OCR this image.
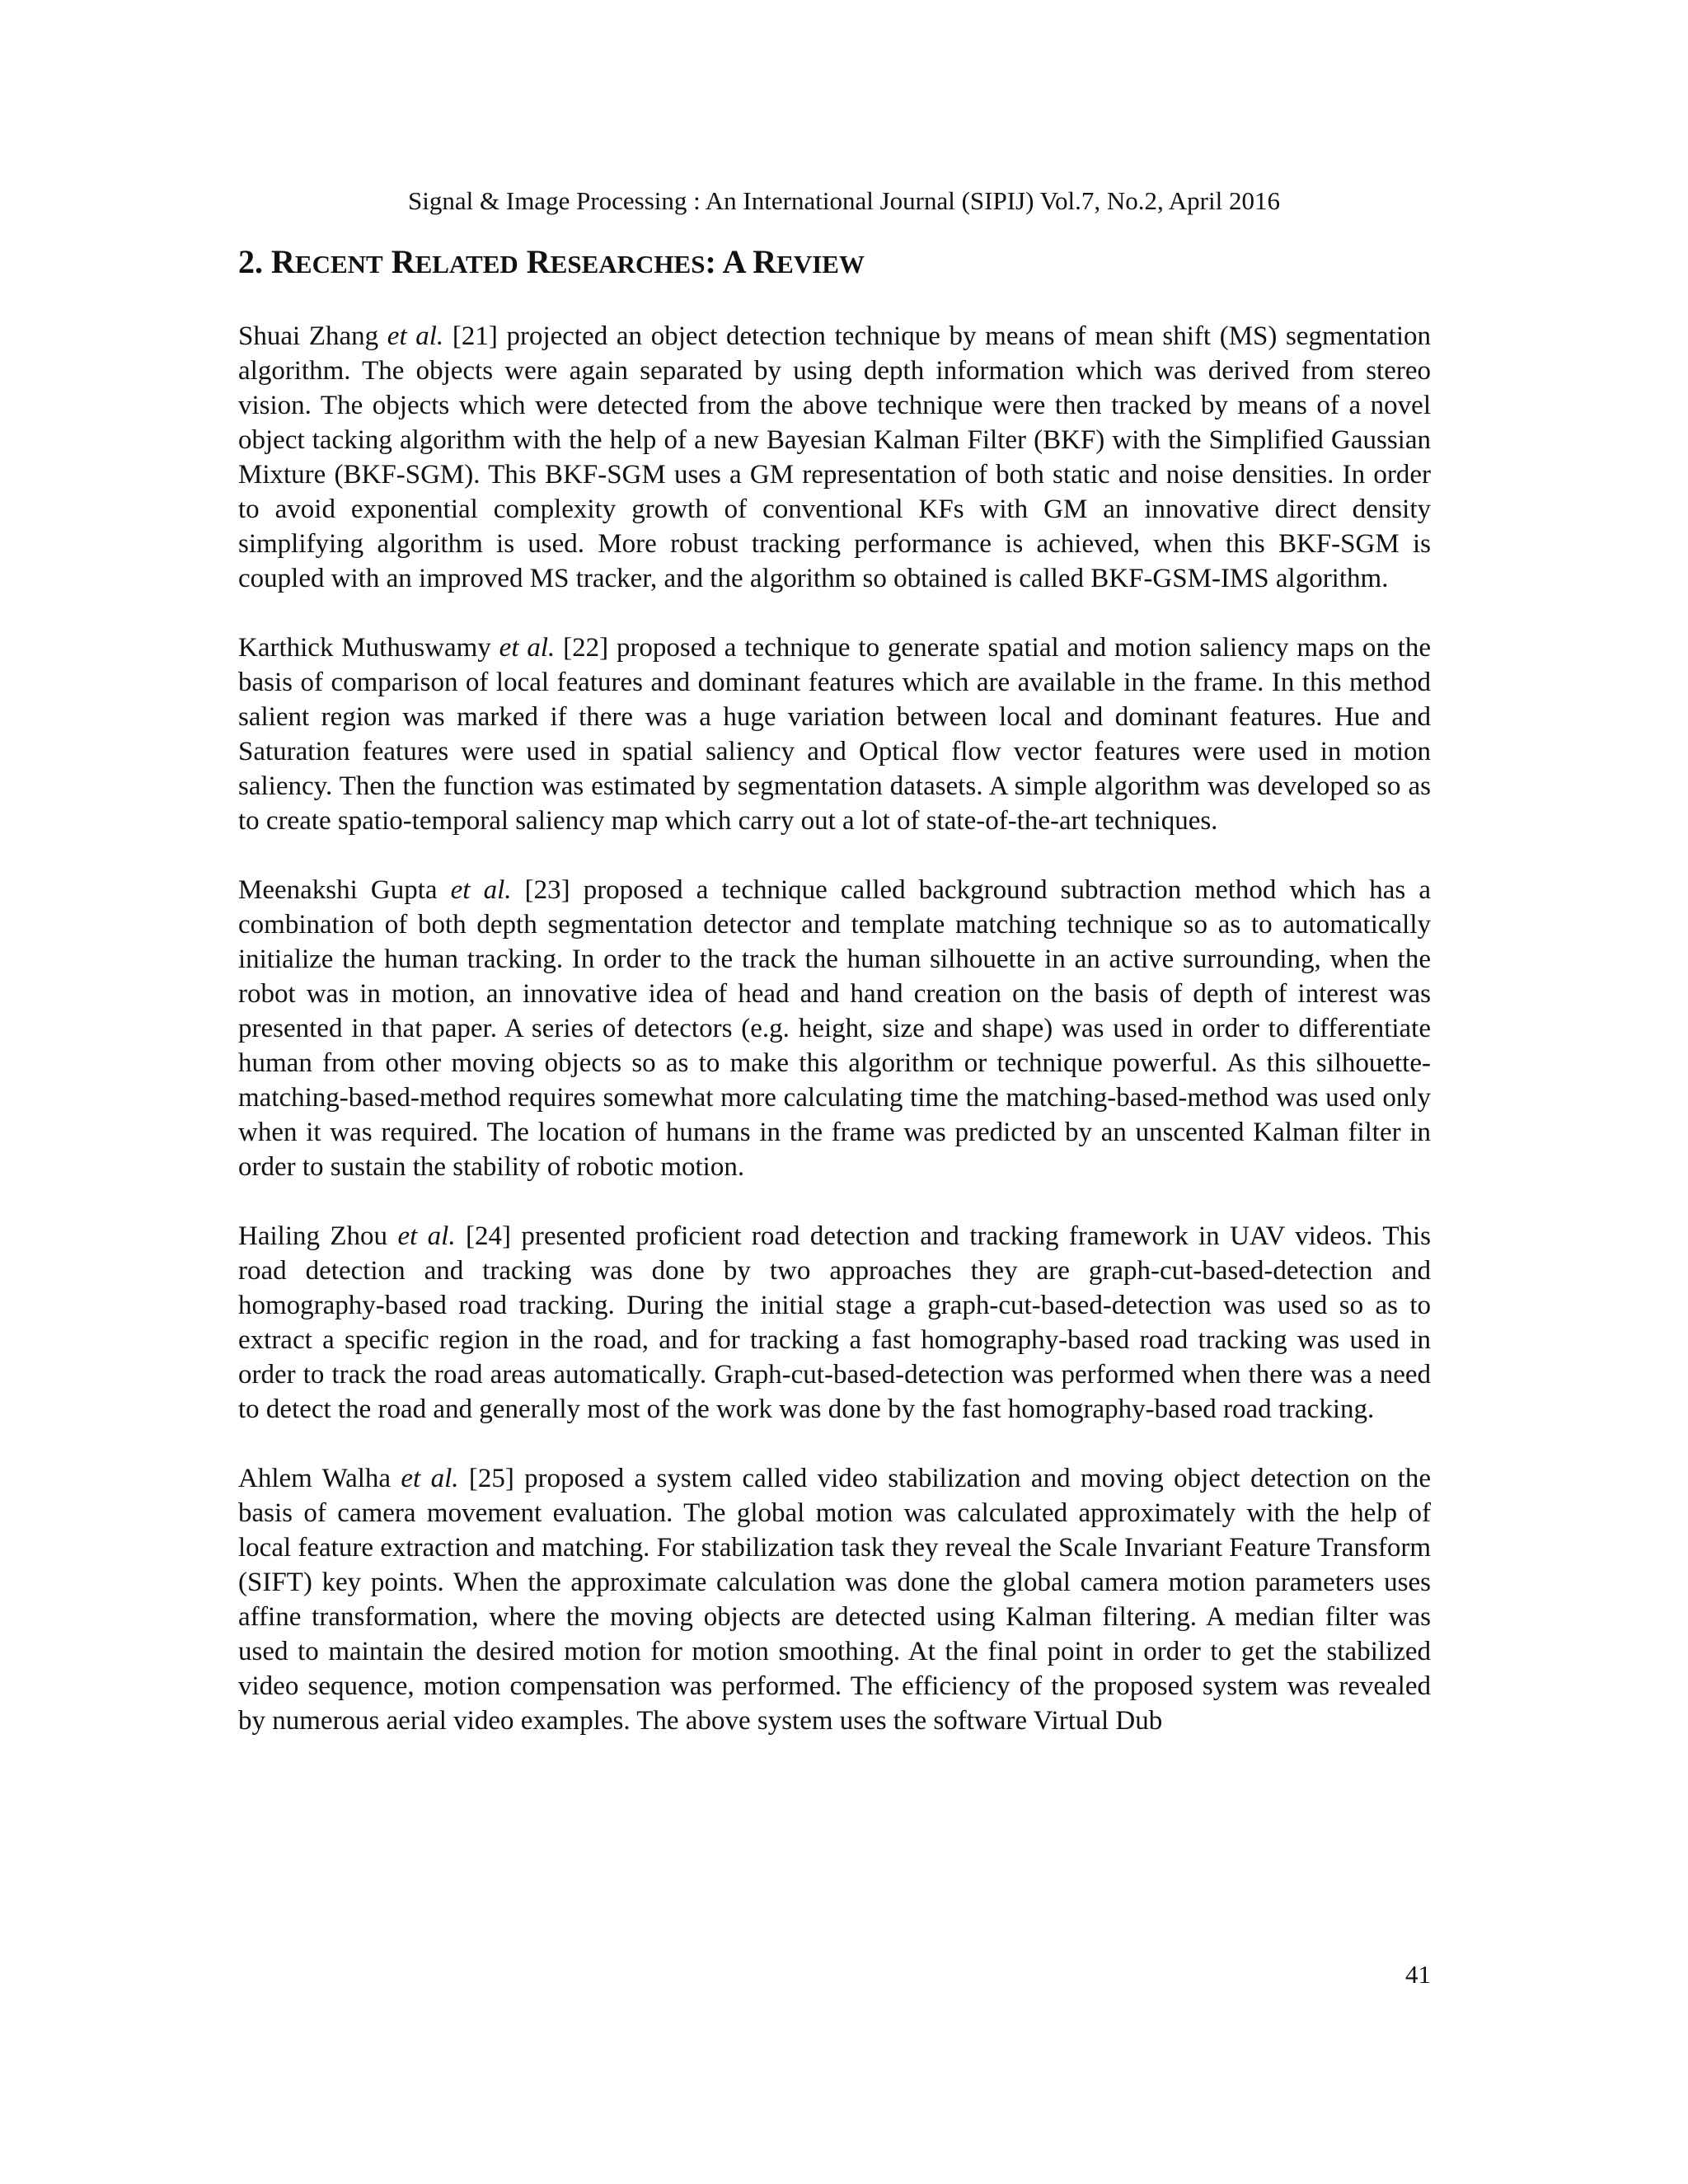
Signal & Image Processing : An International Journal (SIPIJ) Vol.7, No.2, April 2016
2. RECENT RELATED RESEARCHES: A REVIEW

Shuai Zhang et al. [21] projected an object detection technique by means of mean shift (MS) segmentation algorithm. The objects were again separated by using depth information which was derived from stereo vision. The objects which were detected from the above technique were then tracked by means of a novel object tacking algorithm with the help of a new Bayesian Kalman Filter (BKF) with the Simplified Gaussian Mixture (BKF-SGM). This BKF-SGM uses a GM representation of both static and noise densities. In order to avoid exponential complexity growth of conventional KFs with GM an innovative direct density simplifying algorithm is used. More robust tracking performance is achieved, when this BKF-SGM is coupled with an improved MS tracker, and the algorithm so obtained is called BKF-GSM-IMS algorithm.

Karthick Muthuswamy et al. [22] proposed a technique to generate spatial and motion saliency maps on the basis of comparison of local features and dominant features which are available in the frame. In this method salient region was marked if there was a huge variation between local and dominant features. Hue and Saturation features were used in spatial saliency and Optical flow vector features were used in motion saliency. Then the function was estimated by segmentation datasets. A simple algorithm was developed so as to create spatio-temporal saliency map which carry out a lot of state-of-the-art techniques.

Meenakshi Gupta et al. [23] proposed a technique called background subtraction method which has a combination of both depth segmentation detector and template matching technique so as to automatically initialize the human tracking. In order to the track the human silhouette in an active surrounding, when the robot was in motion, an innovative idea of head and hand creation on the basis of depth of interest was presented in that paper. A series of detectors (e.g. height, size and shape) was used in order to differentiate human from other moving objects so as to make this algorithm or technique powerful. As this silhouette-matching-based-method requires somewhat more calculating time the matching-based-method was used only when it was required. The location of humans in the frame was predicted by an unscented Kalman filter in order to sustain the stability of robotic motion.

Hailing Zhou et al. [24] presented proficient road detection and tracking framework in UAV videos. This road detection and tracking was done by two approaches they are graph-cut-based-detection and homography-based road tracking. During the initial stage a graph-cut-based-detection was used so as to extract a specific region in the road, and for tracking a fast homography-based road tracking was used in order to track the road areas automatically. Graph-cut-based-detection was performed when there was a need to detect the road and generally most of the work was done by the fast homography-based road tracking.

Ahlem Walha et al. [25] proposed a system called video stabilization and moving object detection on the basis of camera movement evaluation. The global motion was calculated approximately with the help of local feature extraction and matching. For stabilization task they reveal the Scale Invariant Feature Transform (SIFT) key points. When the approximate calculation was done the global camera motion parameters uses affine transformation, where the moving objects are detected using Kalman filtering. A median filter was used to maintain the desired motion for motion smoothing. At the final point in order to get the stabilized video sequence, motion compensation was performed. The efficiency of the proposed system was revealed by numerous aerial video examples. The above system uses the software Virtual Dub

41
